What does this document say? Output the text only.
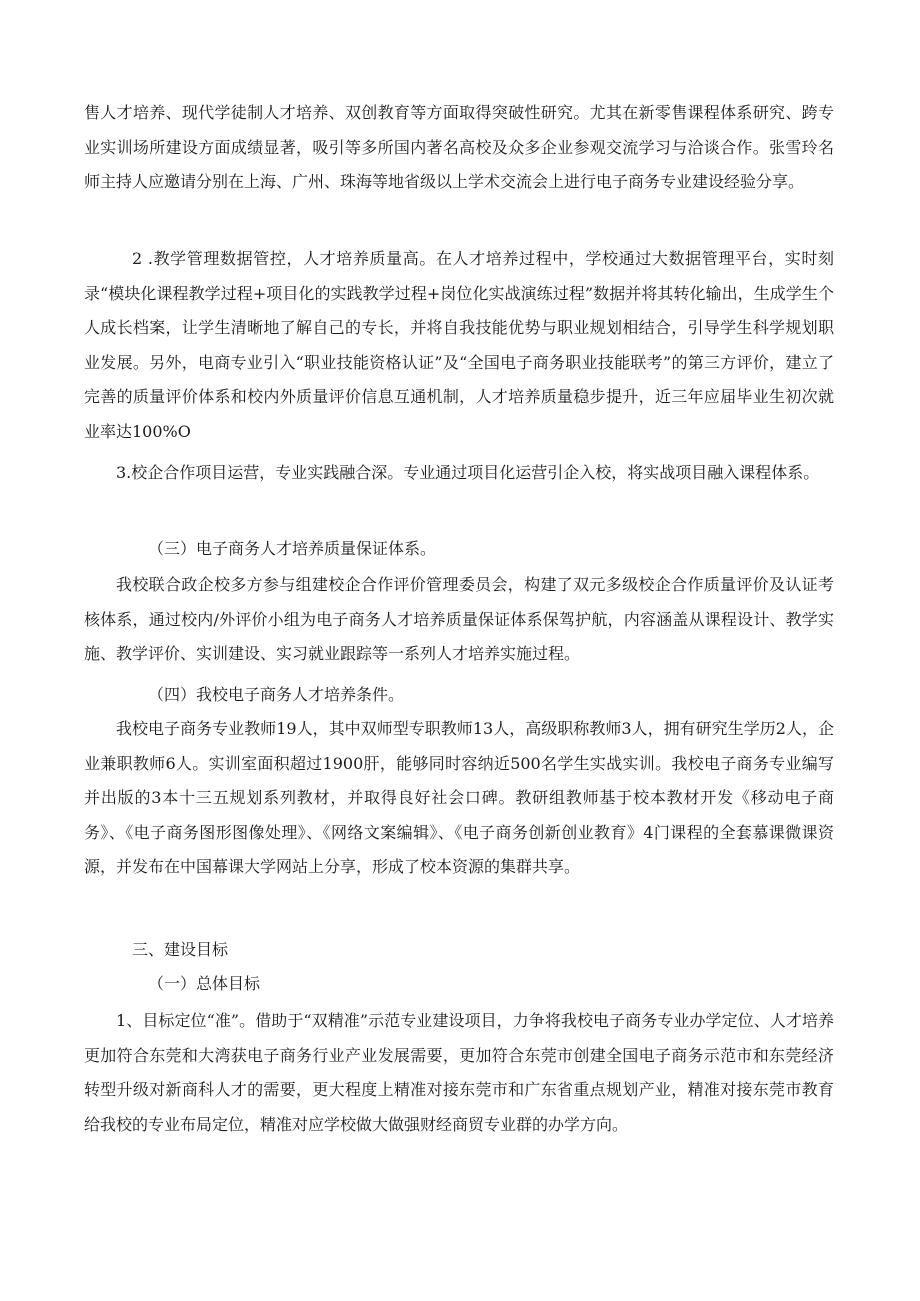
售人才培养、现代学徒制人才培养、双创教育等方面取得突破性研究。尤其在新零售课程体系研究、跨专业实训场所建设方面成绩显著，吸引等多所国内著名高校及众多企业参观交流学习与洽谈合作。张雪玲名师主持人应邀请分别在上海、广州、珠海等地省级以上学术交流会上进行电子商务专业建设经验分享。

2 .教学管理数据管控，人才培养质量高。在人才培养过程中，学校通过大数据管理平台，实时刻录“模块化课程教学过程+项目化的实践教学过程+岗位化实战演练过程”数据并将其转化输出，生成学生个人成长档案，让学生清晰地了解自己的专长，并将自我技能优势与职业规划相结合，引导学生科学规划职业发展。另外，电商专业引入“职业技能资格认证”及“全国电子商务职业技能联考”的第三方评价，建立了完善的质量评价体系和校内外质量评价信息互通机制，人才培养质量稳步提升，近三年应届毕业生初次就业率达100%O

3.校企合作项目运营，专业实践融合深。专业通过项目化运营引企入校，将实战项目融入课程体系。

（三）电子商务人才培养质量保证体系。

我校联合政企校多方参与组建校企合作评价管理委员会，构建了双元多级校企合作质量评价及认证考核体系，通过校内/外评价小组为电子商务人才培养质量保证体系保驾护航，内容涵盖从课程设计、教学实施、教学评价、实训建设、实习就业跟踪等一系列人才培养实施过程。

（四）我校电子商务人才培养条件。

我校电子商务专业教师19人，其中双师型专职教师13人，高级职称教师3人，拥有研究生学历2人，企业兼职教师6人。实训室面积超过1900肝，能够同时容纳近500名学生实战实训。我校电子商务专业编写并出版的3本十三五规划系列教材，并取得良好社会口碑。教研组教师基于校本教材开发《移动电子商务》、《电子商务图形图像处理》、《网络文案编辑》、《电子商务创新创业教育》4门课程的全套慕课微课资源，并发布在中国幕课大学网站上分享，形成了校本资源的集群共享。

三、建设目标

（一）总体目标

1、目标定位“准”。借助于“双精准”示范专业建设项目，力争将我校电子商务专业办学定位、人才培养更加符合东莞和大湾获电子商务行业产业发展需要，更加符合东莞市创建全国电子商务示范市和东莞经济转型升级对新商科人才的需要，更大程度上精准对接东莞市和广东省重点规划产业，精准对接东莞市教育给我校的专业布局定位，精准对应学校做大做强财经商贸专业群的办学方向。
